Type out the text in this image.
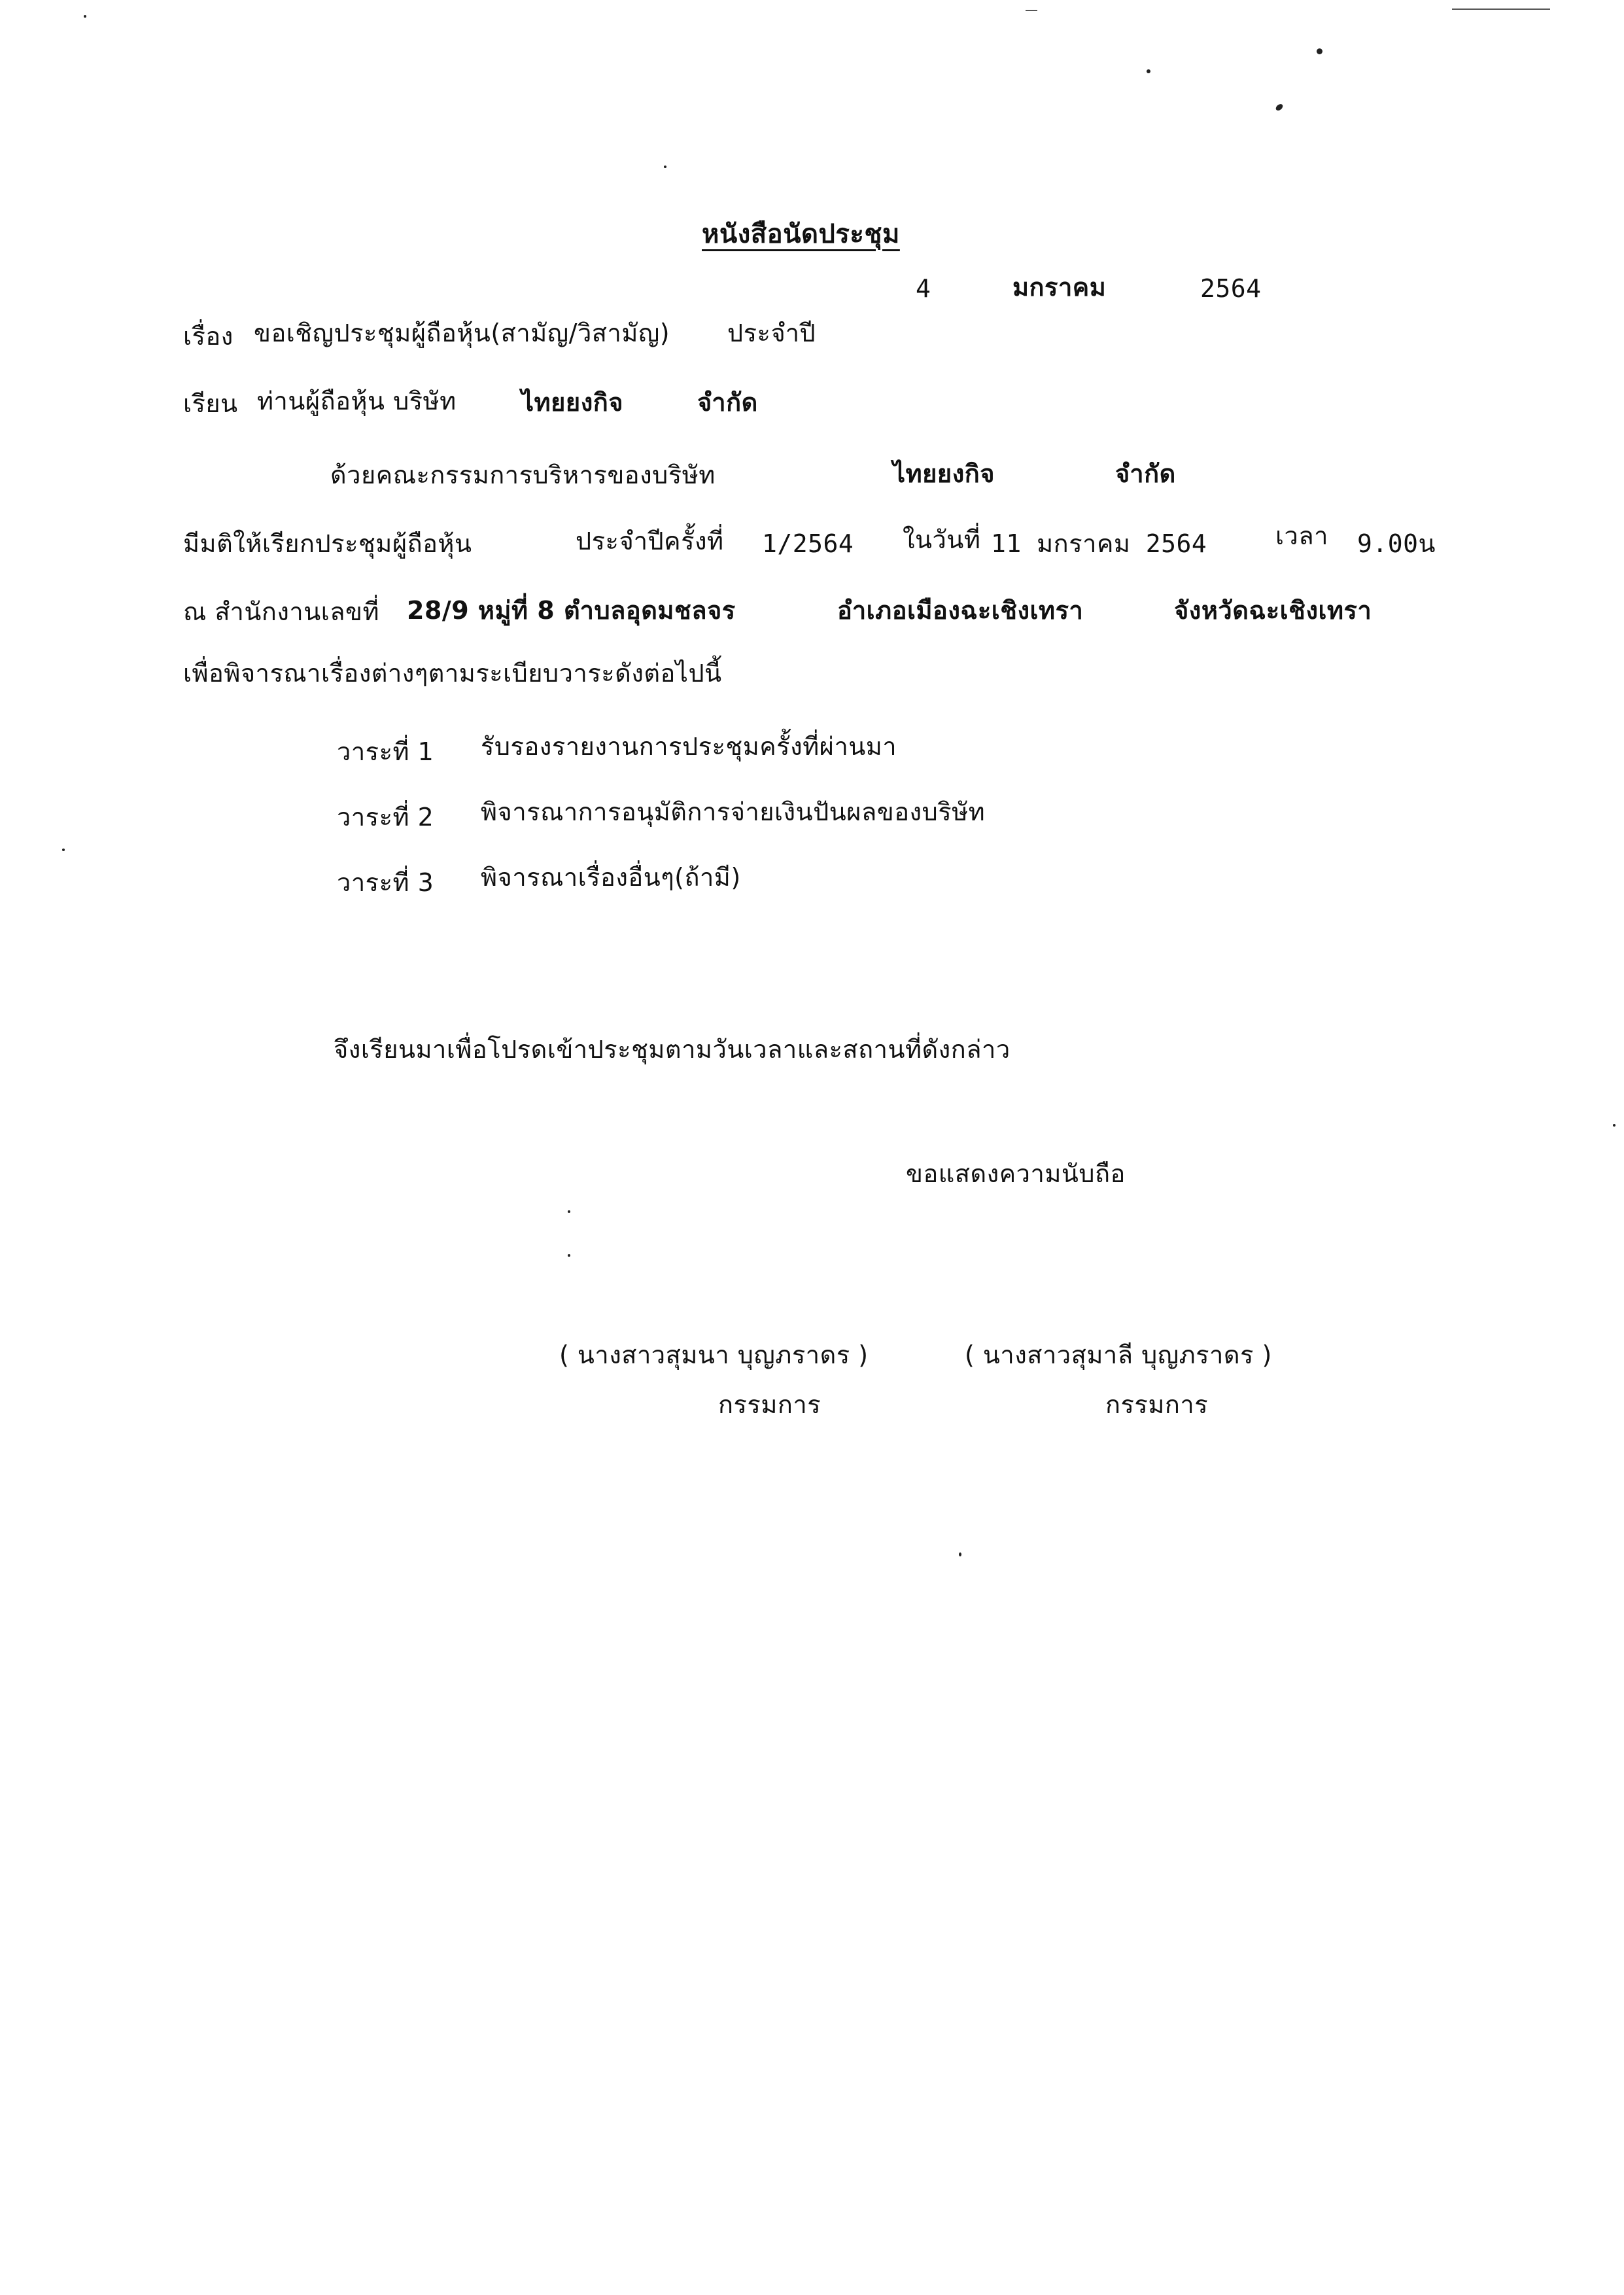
หนังสือนัดประชุม
4	มกราคม	2564
เรื่อง ขอเชิญประชุมผู้ถือหุ้น(สามัญ/วิสามัญ) ประจำปี
เรียน ท่านผู้ถือหุ้น บริษัท	ไทยยงกิจ	จำกัด
ด้วยคณะกรรมการบริหารของบริษัท	ไทยยงกิจ	จำกัด
มีมติให้เรียกประชุมผู้ถือหุ้น	ประจำปีครั้งที่ 1/2564 ในวันที่ 11 มกราคม 2564	เวลา 9.00น
ณ สำนักงานเลขที่ 28/9 หมู่ที่ 8 ตำบลอุดมชลจร	อำเภอเมืองฉะเชิงเทรา	จังหวัดฉะเชิงเทรา
เพื่อพิจารณาเรื่องต่างๆตามระเบียบวาระดังต่อไปนี้
วาระที่ 1 รับรองรายงานการประชุมครั้งที่ผ่านมา
วาระที่ 2 พิจารณาการอนุมัติการจ่ายเงินปันผลของบริษัท
วาระที่ 3 พิจารณาเรื่องอื่นๆ(ถ้ามี)
จึงเรียนมาเพื่อโปรดเข้าประชุมตามวันเวลาและสถานที่ดังกล่าว
ขอแสดงความนับถือ
( นางสาวสุมนา บุญภราดร )
กรรมการ
( นางสาวสุมาลี บุญภราดร )
กรรมการ
